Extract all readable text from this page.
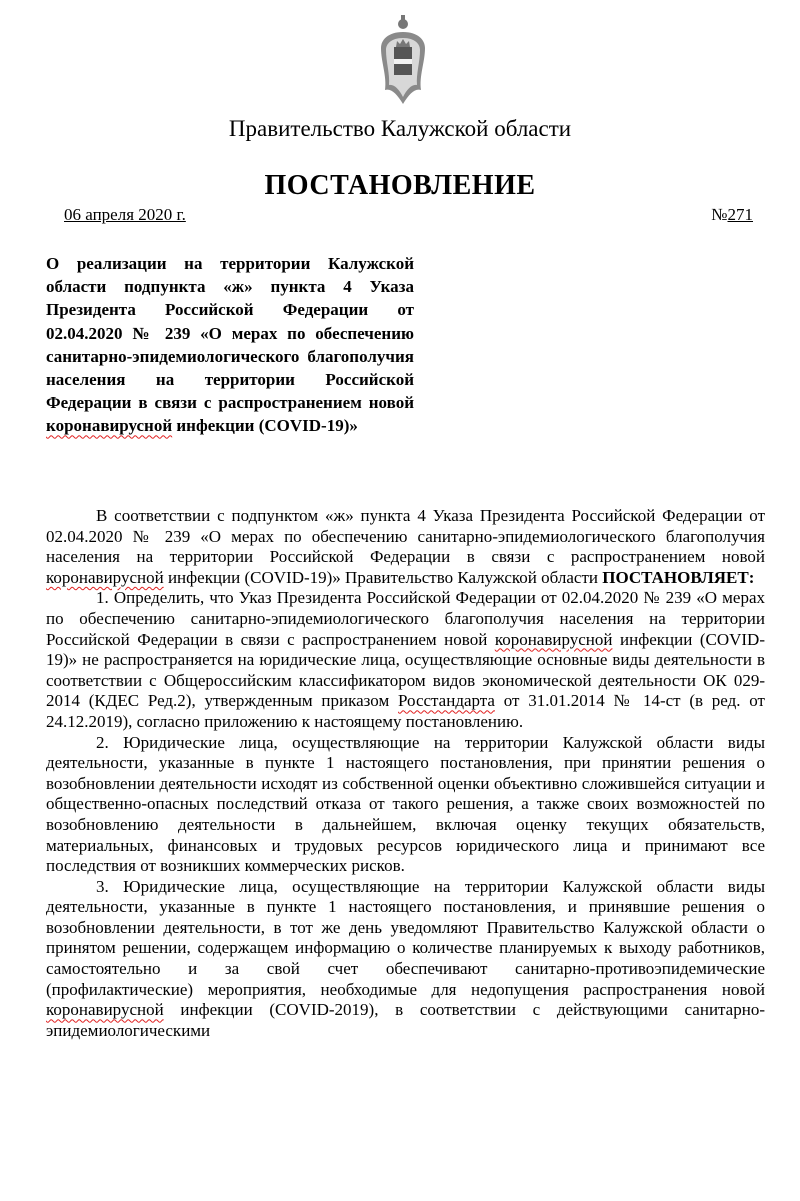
Правительство Калужской области
ПОСТАНОВЛЕНИЕ
06 апреля 2020 г.	№271
О реализации на территории Калужской области подпункта «ж» пункта 4 Указа Президента Российской Федерации от 02.04.2020 № 239 «О мерах по обеспечению санитарно-эпидемиологического благополучия населения на территории Российской Федерации в связи с распространением новой коронавирусной инфекции (COVID-19)»

В соответствии с подпунктом «ж» пункта 4 Указа Президента Российской Федерации от 02.04.2020 № 239 «О мерах по обеспечению санитарно-эпидемиологического благополучия населения на территории Российской Федерации в связи с распространением новой коронавирусной инфекции (COVID-19)» Правительство Калужской области ПОСТАНОВЛЯЕТ:

1. Определить, что Указ Президента Российской Федерации от 02.04.2020 № 239 «О мерах по обеспечению санитарно-эпидемиологического благополучия населения на территории Российской Федерации в связи с распространением новой коронавирусной инфекции (COVID-19)» не распространяется на юридические лица, осуществляющие основные виды деятельности в соответствии с Общероссийским классификатором видов экономической деятельности ОК 029-2014 (КДЕС Ред.2), утвержденным приказом Росстандарта от 31.01.2014 № 14-ст (в ред. от 24.12.2019), согласно приложению к настоящему постановлению.

2. Юридические лица, осуществляющие на территории Калужской области виды деятельности, указанные в пункте 1 настоящего постановления, при принятии решения о возобновлении деятельности исходят из собственной оценки объективно сложившейся ситуации и общественно-опасных последствий отказа от такого решения, а также своих возможностей по возобновлению деятельности в дальнейшем, включая оценку текущих обязательств, материальных, финансовых и трудовых ресурсов юридического лица и принимают все последствия от возникших коммерческих рисков.

3. Юридические лица, осуществляющие на территории Калужской области виды деятельности, указанные в пункте 1 настоящего постановления, и принявшие решения о возобновлении деятельности, в тот же день уведомляют Правительство Калужской области о принятом решении, содержащем информацию о количестве планируемых к выходу работников, самостоятельно и за свой счет обеспечивают санитарно-противоэпидемические (профилактические) мероприятия, необходимые для недопущения распространения новой коронавирусной инфекции (COVID-2019), в соответствии с действующими санитарно-эпидемиологическими
